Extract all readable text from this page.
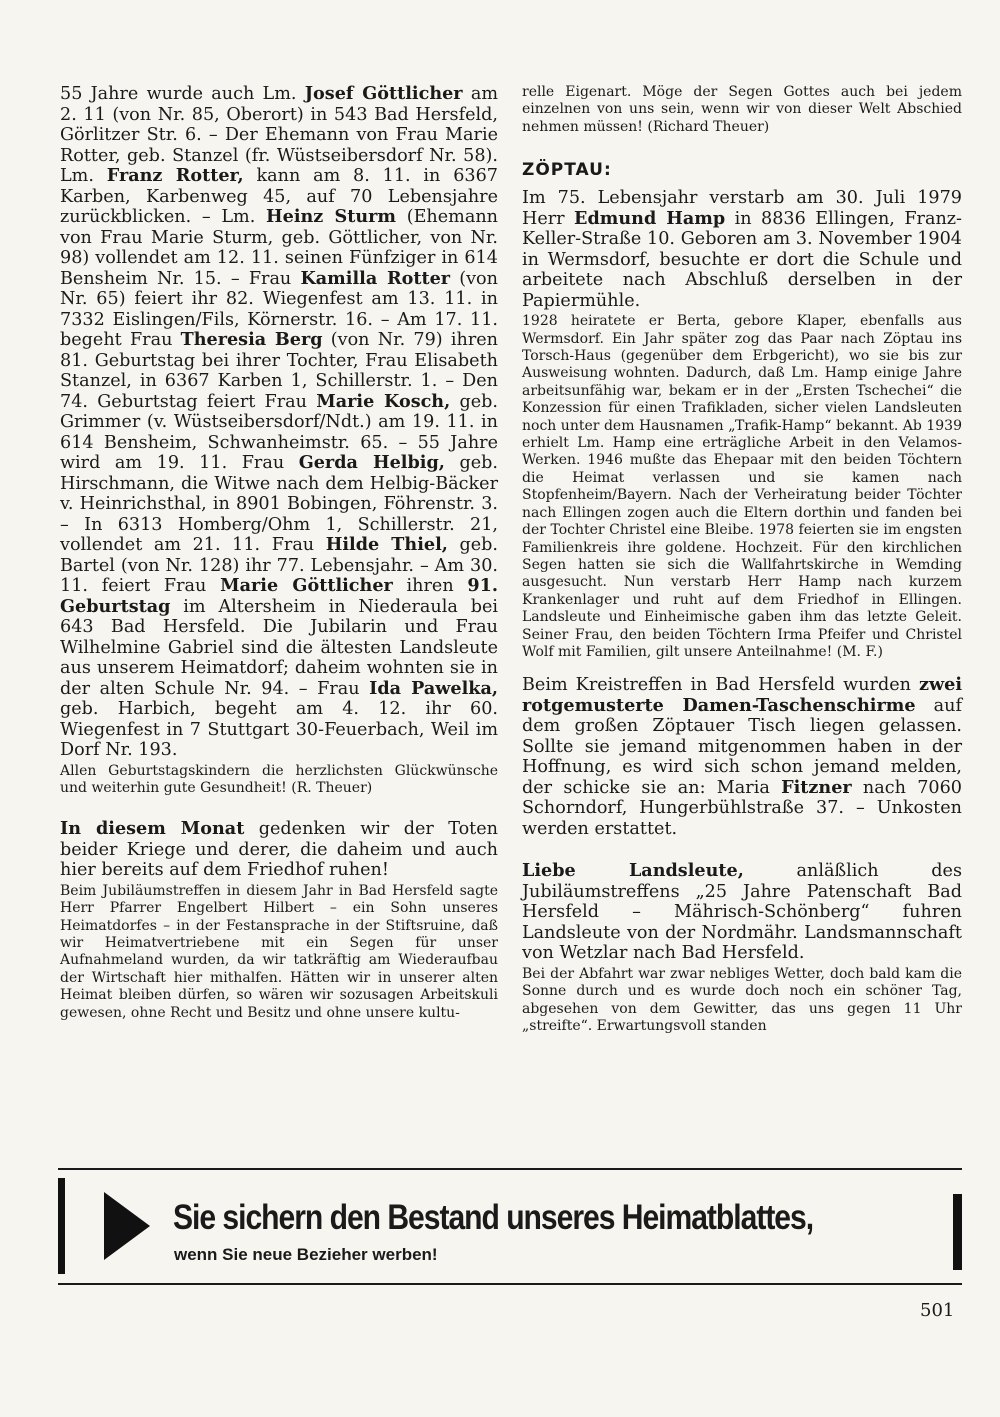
55 Jahre wurde auch Lm. Josef Göttlicher am 2. 11 (von Nr. 85, Oberort) in 543 Bad Hersfeld, Görlitzer Str. 6. – Der Ehemann von Frau Marie Rotter, geb. Stanzel (fr. Wüstseibersdorf Nr. 58). Lm. Franz Rotter, kann am 8. 11. in 6367 Karben, Karbenweg 45, auf 70 Lebensjahre zurückblicken. – Lm. Heinz Sturm (Ehemann von Frau Marie Sturm, geb. Göttlicher, von Nr. 98) vollendet am 12. 11. seinen Fünfziger in 614 Bensheim Nr. 15. – Frau Kamilla Rotter (von Nr. 65) feiert ihr 82. Wiegenfest am 13. 11. in 7332 Eislingen/Fils, Körnerstr. 16. – Am 17. 11. begeht Frau Theresia Berg (von Nr. 79) ihren 81. Geburtstag bei ihrer Tochter, Frau Elisabeth Stanzel, in 6367 Karben 1, Schillerstr. 1. – Den 74. Geburtstag feiert Frau Marie Kosch, geb. Grimmer (v. Wüstseibersdorf/Ndt.) am 19. 11. in 614 Bensheim, Schwanheimstr. 65. – 55 Jahre wird am 19. 11. Frau Gerda Helbig, geb. Hirschmann, die Witwe nach dem Helbig-Bäcker v. Heinrichsthal, in 8901 Bobingen, Föhrenstr. 3. – In 6313 Homberg/Ohm 1, Schillerstr. 21, vollendet am 21. 11. Frau Hilde Thiel, geb. Bartel (von Nr. 128) ihr 77. Lebensjahr. – Am 30. 11. feiert Frau Marie Göttlicher ihren 91. Geburtstag im Altersheim in Niederaula bei 643 Bad Hersfeld. Die Jubilarin und Frau Wilhelmine Gabriel sind die ältesten Landsleute aus unserem Heimatdorf; daheim wohnten sie in der alten Schule Nr. 94. – Frau Ida Pawelka, geb. Harbich, begeht am 4. 12. ihr 60. Wiegenfest in 7 Stuttgart 30-Feuerbach, Weil im Dorf Nr. 193.

Allen Geburtstagskindern die herzlichsten Glückwünsche und weiterhin gute Gesundheit! (R. Theuer)

In diesem Monat gedenken wir der Toten beider Kriege und derer, die daheim und auch hier bereits auf dem Friedhof ruhen!

Beim Jubiläumstreffen in diesem Jahr in Bad Hersfeld sagte Herr Pfarrer Engelbert Hilbert – ein Sohn unseres Heimatdorfes – in der Festansprache in der Stiftsruine, daß wir Heimatvertriebene mit ein Segen für unser Aufnahmeland wurden, da wir tatkräftig am Wiederaufbau der Wirtschaft hier mithalfen. Hätten wir in unserer alten Heimat bleiben dürfen, so wären wir sozusagen Arbeitskuli gewesen, ohne Recht und Besitz und ohne unsere kultu-

relle Eigenart. Möge der Segen Gottes auch bei jedem einzelnen von uns sein, wenn wir von dieser Welt Abschied nehmen müssen! (Richard Theuer)

ZÖPTAU:

Im 75. Lebensjahr verstarb am 30. Juli 1979 Herr Edmund Hamp in 8836 Ellingen, Franz-Keller-Straße 10. Geboren am 3. November 1904 in Wermsdorf, besuchte er dort die Schule und arbeitete nach Abschluß derselben in der Papiermühle.

1928 heiratete er Berta, gebore Klaper, ebenfalls aus Wermsdorf. Ein Jahr später zog das Paar nach Zöptau ins Torsch-Haus (gegenüber dem Erbgericht), wo sie bis zur Ausweisung wohnten. Dadurch, daß Lm. Hamp einige Jahre arbeitsunfähig war, bekam er in der „Ersten Tschechei“ die Konzession für einen Trafikladen, sicher vielen Landsleuten noch unter dem Hausnamen „Trafik-Hamp“ bekannt. Ab 1939 erhielt Lm. Hamp eine erträgliche Arbeit in den Velamos-Werken. 1946 mußte das Ehepaar mit den beiden Töchtern die Heimat verlassen und sie kamen nach Stopfenheim/Bayern. Nach der Verheiratung beider Töchter nach Ellingen zogen auch die Eltern dorthin und fanden bei der Tochter Christel eine Bleibe. 1978 feierten sie im engsten Familienkreis ihre goldene. Hochzeit. Für den kirchlichen Segen hatten sie sich die Wallfahrtskirche in Wemding ausgesucht. Nun verstarb Herr Hamp nach kurzem Krankenlager und ruht auf dem Friedhof in Ellingen. Landsleute und Einheimische gaben ihm das letzte Geleit. Seiner Frau, den beiden Töchtern Irma Pfeifer und Christel Wolf mit Familien, gilt unsere Anteilnahme! (M. F.)

Beim Kreistreffen in Bad Hersfeld wurden zwei rotgemusterte Damen-Taschenschirme auf dem großen Zöptauer Tisch liegen gelassen. Sollte sie jemand mitgenommen haben in der Hoffnung, es wird sich schon jemand melden, der schicke sie an: Maria Fitzner nach 7060 Schorndorf, Hungerbühlstraße 37. – Unkosten werden erstattet.

Liebe Landsleute, anläßlich des Jubiläumstreffens „25 Jahre Patenschaft Bad Hersfeld – Mährisch-Schönberg“ fuhren Landsleute von der Nordmähr. Landsmannschaft von Wetzlar nach Bad Hersfeld.

Bei der Abfahrt war zwar nebliges Wetter, doch bald kam die Sonne durch und es wurde doch noch ein schöner Tag, abgesehen von dem Gewitter, das uns gegen 11 Uhr „streifte“. Erwartungsvoll standen

Sie sichern den Bestand unseres Heimatblattes,

wenn Sie neue Bezieher werben!

501
